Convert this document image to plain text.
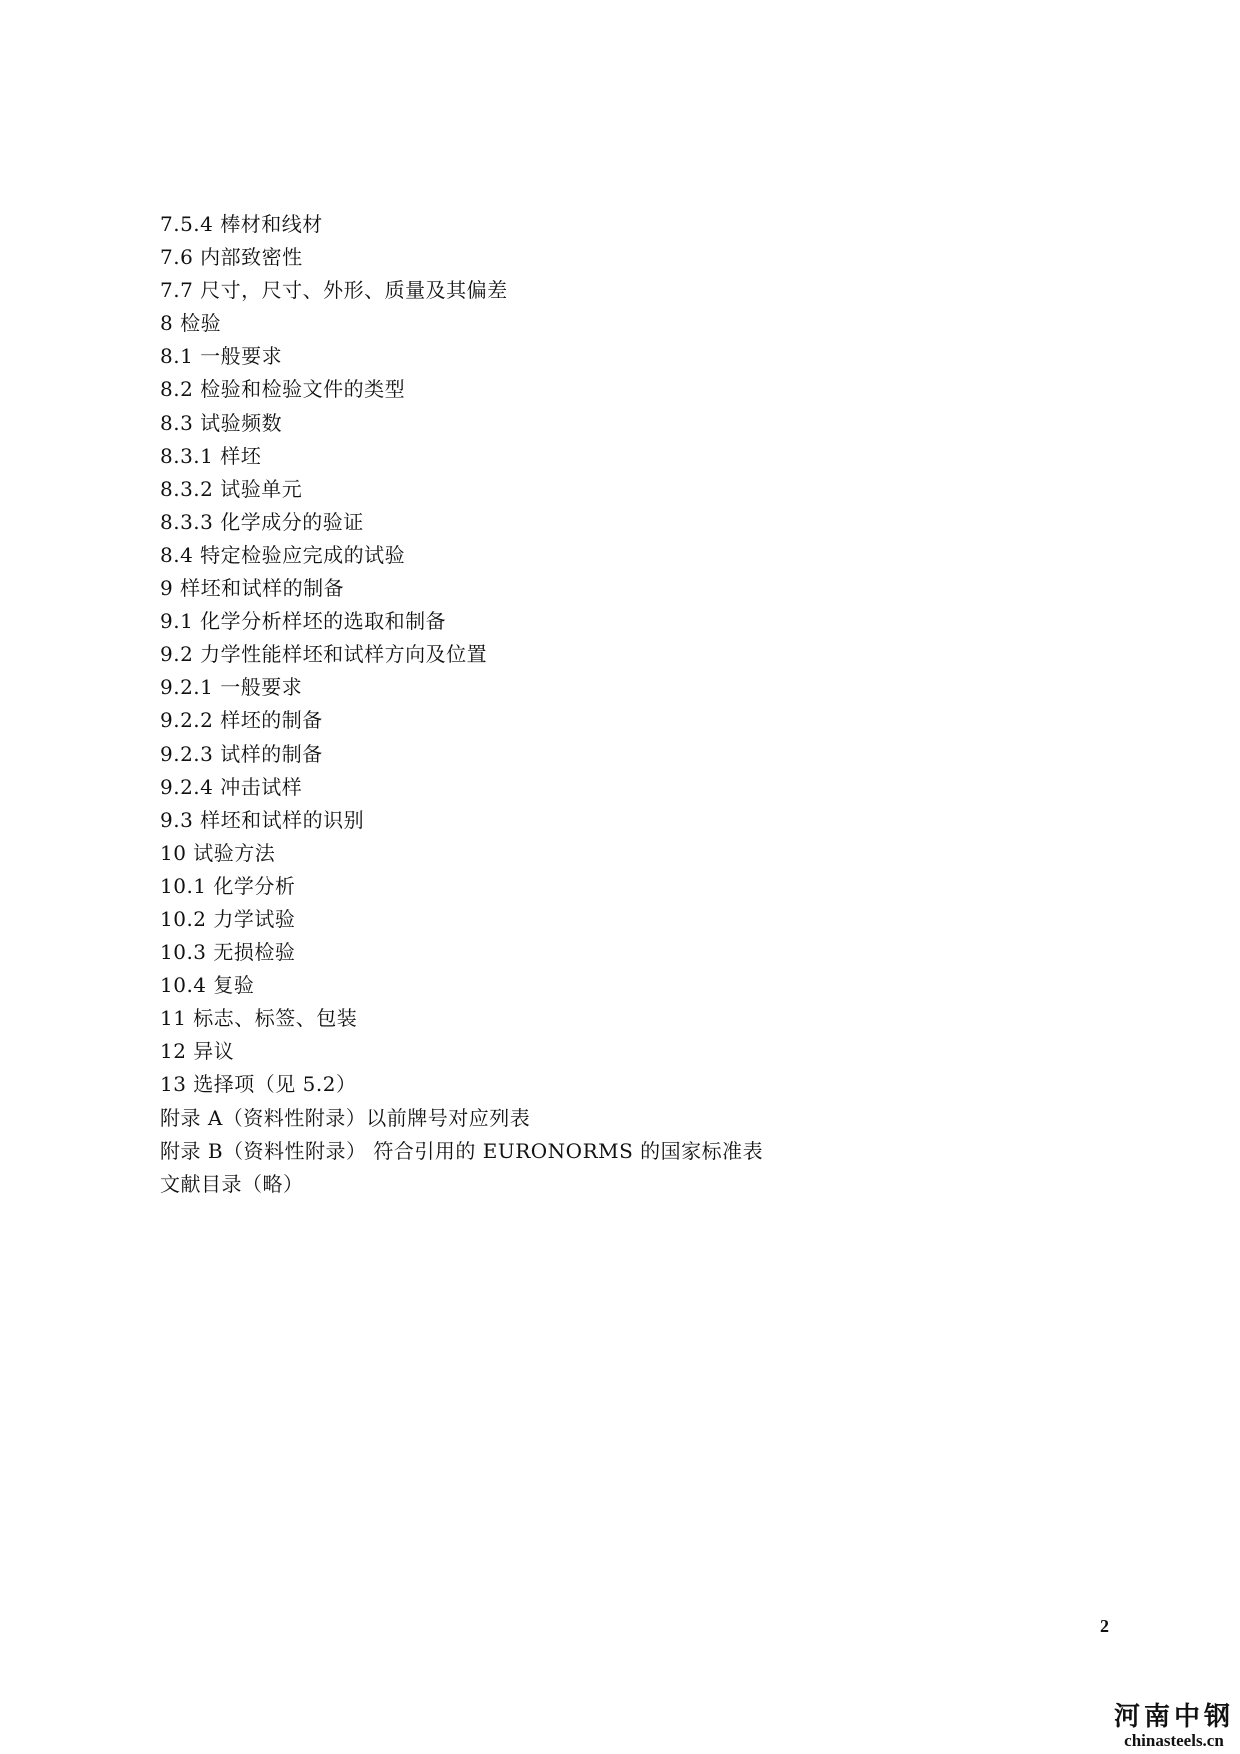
7.5.4 棒材和线材
7.6 内部致密性
7.7 尺寸，尺寸、外形、质量及其偏差
8 检验
8.1 一般要求
8.2 检验和检验文件的类型
8.3 试验频数
8.3.1 样坯
8.3.2 试验单元
8.3.3 化学成分的验证
8.4 特定检验应完成的试验
9 样坯和试样的制备
9.1 化学分析样坯的选取和制备
9.2 力学性能样坯和试样方向及位置
9.2.1 一般要求
9.2.2 样坯的制备
9.2.3 试样的制备
9.2.4 冲击试样
9.3 样坯和试样的识别
10 试验方法
10.1 化学分析
10.2 力学试验
10.3 无损检验
10.4 复验
11 标志、标签、包装
12 异议
13 选择项（见 5.2）
附录 A（资料性附录）以前牌号对应列表
附录 B（资料性附录） 符合引用的 EURONORMS 的国家标准表
文献目录（略）
2
河南中钢
chinasteels.cn
